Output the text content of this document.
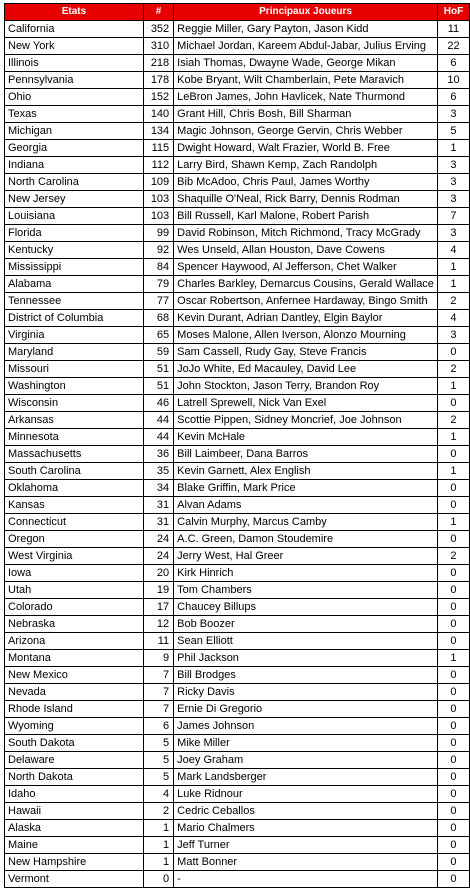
Etats	#	Principaux Joueurs	HoF
California	352	Reggie Miller, Gary Payton, Jason Kidd	11
New York	310	Michael Jordan, Kareem Abdul-Jabar, Julius Erving	22
Illinois	218	Isiah Thomas, Dwayne Wade, George Mikan	6
Pennsylvania	178	Kobe Bryant, Wilt Chamberlain, Pete Maravich	10
Ohio	152	LeBron James, John Havlicek, Nate Thurmond	6
Texas	140	Grant Hill, Chris Bosh, Bill Sharman	3
Michigan	134	Magic Johnson, George Gervin, Chris Webber	5
Georgia	115	Dwight Howard, Walt Frazier, World B. Free	1
Indiana	112	Larry Bird, Shawn Kemp, Zach Randolph	3
North Carolina	109	Bib McAdoo, Chris Paul, James Worthy	3
New Jersey	103	Shaquille O'Neal, Rick Barry, Dennis Rodman	3
Louisiana	103	Bill Russell, Karl Malone, Robert Parish	7
Florida	99	David Robinson, Mitch Richmond, Tracy McGrady	3
Kentucky	92	Wes Unseld, Allan Houston, Dave Cowens	4
Mississippi	84	Spencer Haywood, Al Jefferson, Chet Walker	1
Alabama	79	Charles Barkley, Demarcus Cousins, Gerald Wallace	1
Tennessee	77	Oscar Robertson, Anfernee Hardaway, Bingo Smith	2
District of Columbia	68	Kevin Durant, Adrian Dantley, Elgin Baylor	4
Virginia	65	Moses Malone, Allen Iverson, Alonzo Mourning	3
Maryland	59	Sam Cassell, Rudy Gay, Steve Francis	0
Missouri	51	JoJo White, Ed Macauley, David Lee	2
Washington	51	John Stockton, Jason Terry, Brandon Roy	1
Wisconsin	46	Latrell Sprewell, Nick Van Exel	0
Arkansas	44	Scottie Pippen, Sidney Moncrief, Joe Johnson	2
Minnesota	44	Kevin McHale	1
Massachusetts	36	Bill Laimbeer, Dana Barros	0
South Carolina	35	Kevin Garnett, Alex English	1
Oklahoma	34	Blake Griffin, Mark Price	0
Kansas	31	Alvan Adams	0
Connecticut	31	Calvin Murphy, Marcus Camby	1
Oregon	24	A.C. Green, Damon Stoudemire	0
West Virginia	24	Jerry West, Hal Greer	2
Iowa	20	Kirk Hinrich	0
Utah	19	Tom Chambers	0
Colorado	17	Chaucey Billups	0
Nebraska	12	Bob Boozer	0
Arizona	11	Sean Elliott	0
Montana	9	Phil Jackson	1
New Mexico	7	Bill Brodges	0
Nevada	7	Ricky Davis	0
Rhode Island	7	Ernie Di Gregorio	0
Wyoming	6	James Johnson	0
South Dakota	5	Mike Miller	0
Delaware	5	Joey Graham	0
North Dakota	5	Mark Landsberger	0
Idaho	4	Luke Ridnour	0
Hawaii	2	Cedric Ceballos	0
Alaska	1	Mario Chalmers	0
Maine	1	Jeff Turner	0
New Hampshire	1	Matt Bonner	0
Vermont	0	-	0
